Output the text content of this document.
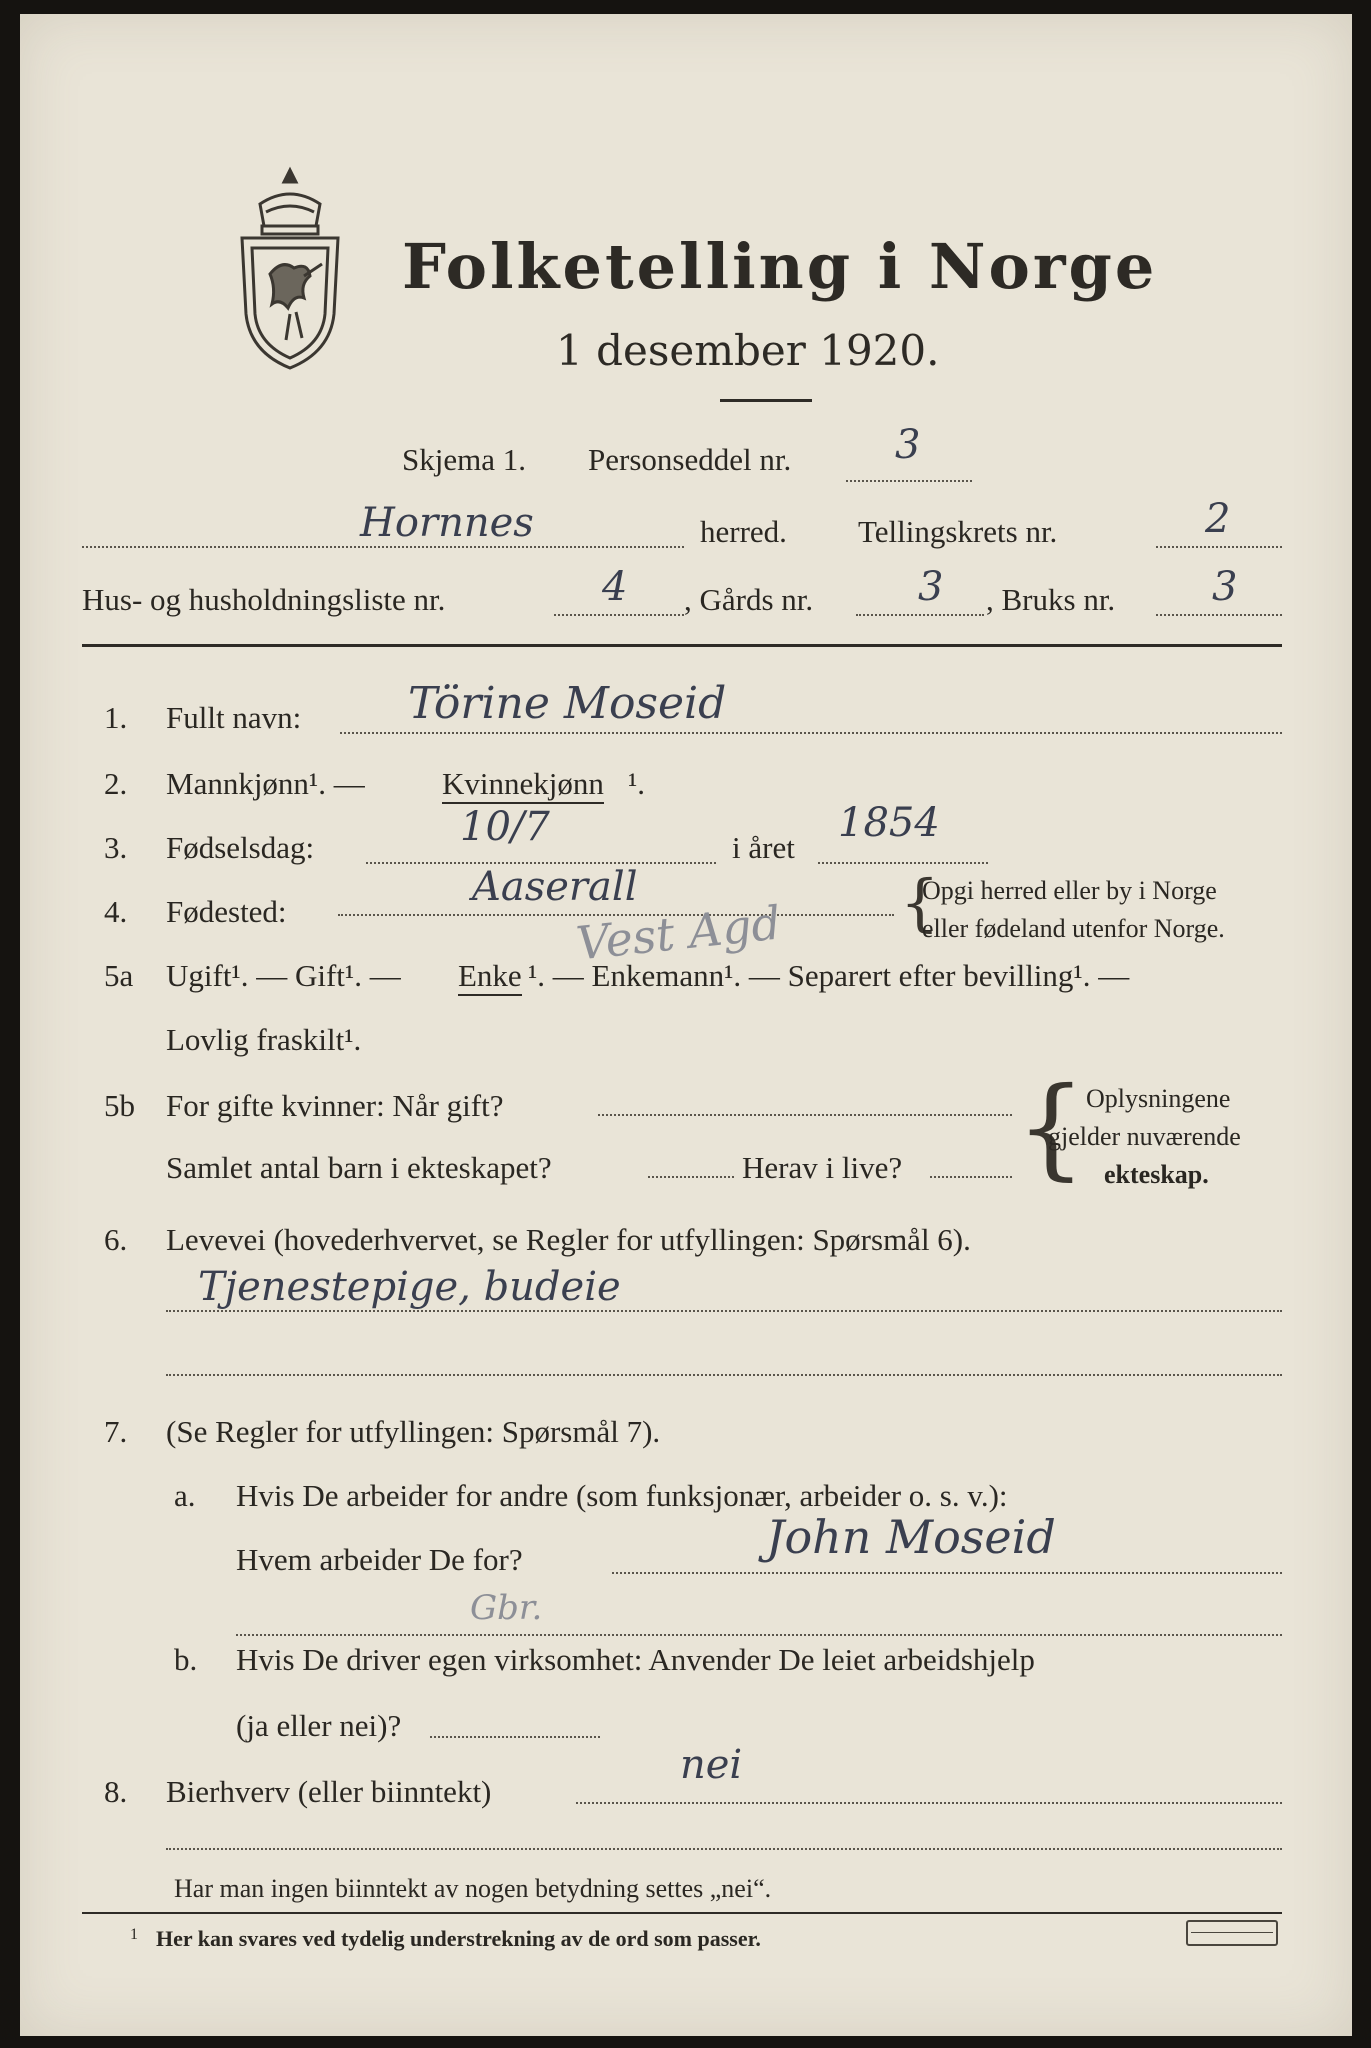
Folketelling i Norge
1 desember 1920.
Skjema 1. Personseddel nr.	3
Hornnes	herred. Tellingskrets nr.	2
Hus- og husholdningsliste nr.	4 , Gårds nr.	3 , Bruks nr. 3
1. Fullt navn: Törine Moseid
2. Mannkjønn¹. — Kvinnekjønn ¹.
3. Fødselsdag:	10/7	i året
1854
4. Fødested:
Aaserall	{
Opgi herred eller by i Norge
eller fødeland utenfor Norge.
Vest Agd
5a Ugift¹. — Gift¹. — Enke ¹. — Enkemann¹. — Separert efter bevilling¹. —
Lovlig fraskilt¹.
5b For gifte kvinner: Når gift?
Samlet antal barn i ekteskapet?	Herav i live? { Oplysningene
gjelder nuværende
ekteskap.
6. Levevei (hovederhvervet, se Regler for utfyllingen: Spørsmål 6).
Tjenestepige, budeie
7. (Se Regler for utfyllingen: Spørsmål 7).
a. Hvis De arbeider for andre (som funksjonær, arbeider o. s. v.):
Hvem arbeider De for?	John Moseid
Gbr.
b. Hvis De driver egen virksomhet: Anvender De leiet arbeidshjelp
(ja eller nei)?
8. Bierhverv (eller biinntekt)
nei
Har man ingen biinntekt av nogen betydning settes „nei“.
1 Her kan svares ved tydelig understrekning av de ord som passer.
